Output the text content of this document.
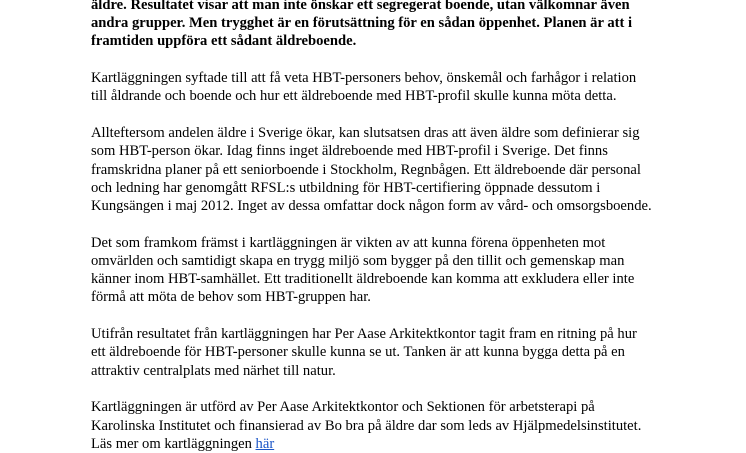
äldre. Resultatet visar att man inte önskar ett segregerat boende, utan välkomnar även
andra grupper. Men trygghet är en förutsättning för en sådan öppenhet. Planen är att i
framtiden uppföra ett sådant äldreboende.

Kartläggningen syftade till att få veta HBT-personers behov, önskemål och farhågor i relation
till åldrande och boende och hur ett äldreboende med HBT-profil skulle kunna möta detta.

Allteftersom andelen äldre i Sverige ökar, kan slutsatsen dras att även äldre som definierar sig
som HBT-person ökar. Idag finns inget äldreboende med HBT-profil i Sverige. Det finns
framskridna planer på ett seniorboende i Stockholm, Regnbågen. Ett äldreboende där personal
och ledning har genomgått RFSL:s utbildning för HBT-certifiering öppnade dessutom i
Kungsängen i maj 2012. Inget av dessa omfattar dock någon form av vård- och omsorgsboende.

Det som framkom främst i kartläggningen är vikten av att kunna förena öppenheten mot
omvärlden och samtidigt skapa en trygg miljö som bygger på den tillit och gemenskap man
känner inom HBT-samhället. Ett traditionellt äldreboende kan komma att exkludera eller inte
förmå att möta de behov som HBT-gruppen har.

Utifrån resultatet från kartläggningen har Per Aase Arkitektkontor tagit fram en ritning på hur
ett äldreboende för HBT-personer skulle kunna se ut. Tanken är att kunna bygga detta på en
attraktiv centralplats med närhet till natur.

Kartläggningen är utförd av Per Aase Arkitektkontor och Sektionen för arbetsterapi på
Karolinska Institutet och finansierad av Bo bra på äldre dar som leds av Hjälpmedelsinstitutet.
Läs mer om kartläggningen här
